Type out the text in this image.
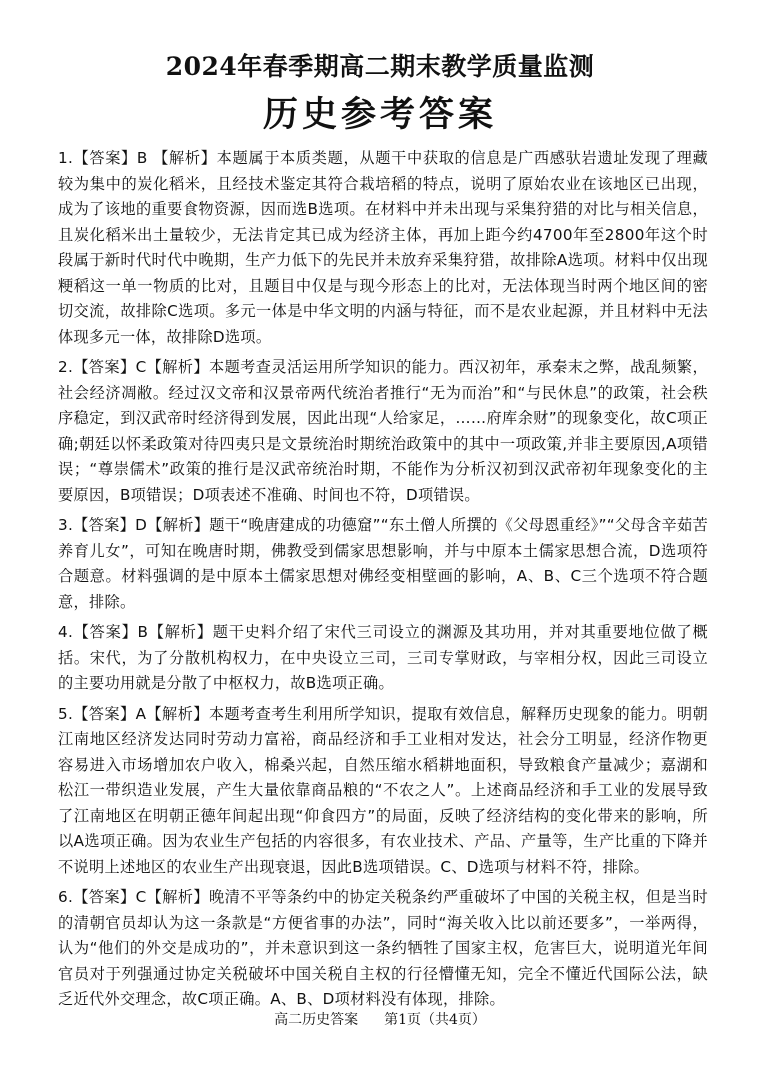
2024年春季期高二期末教学质量监测
历史参考答案

1.【答案】B 【解析】本题属于本质类题，从题干中获取的信息是广西感驮岩遗址发现了理藏较为集中的炭化稻米，且经技术鉴定其符合栽培稻的特点，说明了原始农业在该地区已出现，成为了该地的重要食物资源，因而选B选项。在材料中并未出现与采集狩猎的对比与相关信息，且炭化稻米出土量较少，无法肯定其已成为经济主体，再加上距今约4700年至2800年这个时段属于新时代时代中晚期，生产力低下的先民并未放弃采集狩猎，故排除A选项。材料中仅出现粳稻这一单一物质的比对，且题目中仅是与现今形态上的比对，无法体现当时两个地区间的密切交流，故排除C选项。多元一体是中华文明的内涵与特征，而不是农业起源，并且材料中无法体现多元一体，故排除D选项。

2.【答案】C【解析】本题考查灵活运用所学知识的能力。西汉初年，承秦末之弊，战乱频繁，社会经济凋敝。经过汉文帝和汉景帝两代统治者推行“无为而治”和“与民休息”的政策，社会秩序稳定，到汉武帝时经济得到发展，因此出现“人给家足，……府库余财”的现象变化，故C项正确;朝廷以怀柔政策对待四夷只是文景统治时期统治政策中的其中一项政策,并非主要原因,A项错误；“尊崇儒术”政策的推行是汉武帝统治时期，不能作为分析汉初到汉武帝初年现象变化的主要原因，B项错误；D项表述不准确、时间也不符，D项错误。

3.【答案】D【解析】题干“晚唐建成的功德窟”“东土僧人所撰的《父母恩重经》”“父母含辛茹苦养育儿女”，可知在晚唐时期，佛教受到儒家思想影响，并与中原本土儒家思想合流，D选项符合题意。材料强调的是中原本土儒家思想对佛经变相壁画的影响，A、B、C三个选项不符合题意，排除。

4.【答案】B【解析】题干史料介绍了宋代三司设立的渊源及其功用，并对其重要地位做了概括。宋代，为了分散机构权力，在中央设立三司，三司专掌财政，与宰相分权，因此三司设立的主要功用就是分散了中枢权力，故B选项正确。

5.【答案】A【解析】本题考查考生利用所学知识，提取有效信息，解释历史现象的能力。明朝江南地区经济发达同时劳动力富裕，商品经济和手工业相对发达，社会分工明显，经济作物更容易进入市场增加农户收入，棉桑兴起，自然压缩水稻耕地面积，导致粮食产量减少；嘉湖和松江一带织造业发展，产生大量依靠商品粮的“不农之人”。上述商品经济和手工业的发展导致了江南地区在明朝正德年间起出现“仰食四方”的局面，反映了经济结构的变化带来的影响，所以A选项正确。因为农业生产包括的内容很多，有农业技术、产品、产量等，生产比重的下降并不说明上述地区的农业生产出现衰退，因此B选项错误。C、D选项与材料不符，排除。

6.【答案】C【解析】晚清不平等条约中的协定关税条约严重破坏了中国的关税主权，但是当时的清朝官员却认为这一条款是“方便省事的办法”，同时“海关收入比以前还要多”，一举两得，认为“他们的外交是成功的”，并未意识到这一条约牺牲了国家主权，危害巨大，说明道光年间官员对于列强通过协定关税破坏中国关税自主权的行径懵懂无知，完全不懂近代国际公法，缺乏近代外交理念，故C项正确。A、B、D项材料没有体现，排除。

高二历史答案 第1页（共4页）
